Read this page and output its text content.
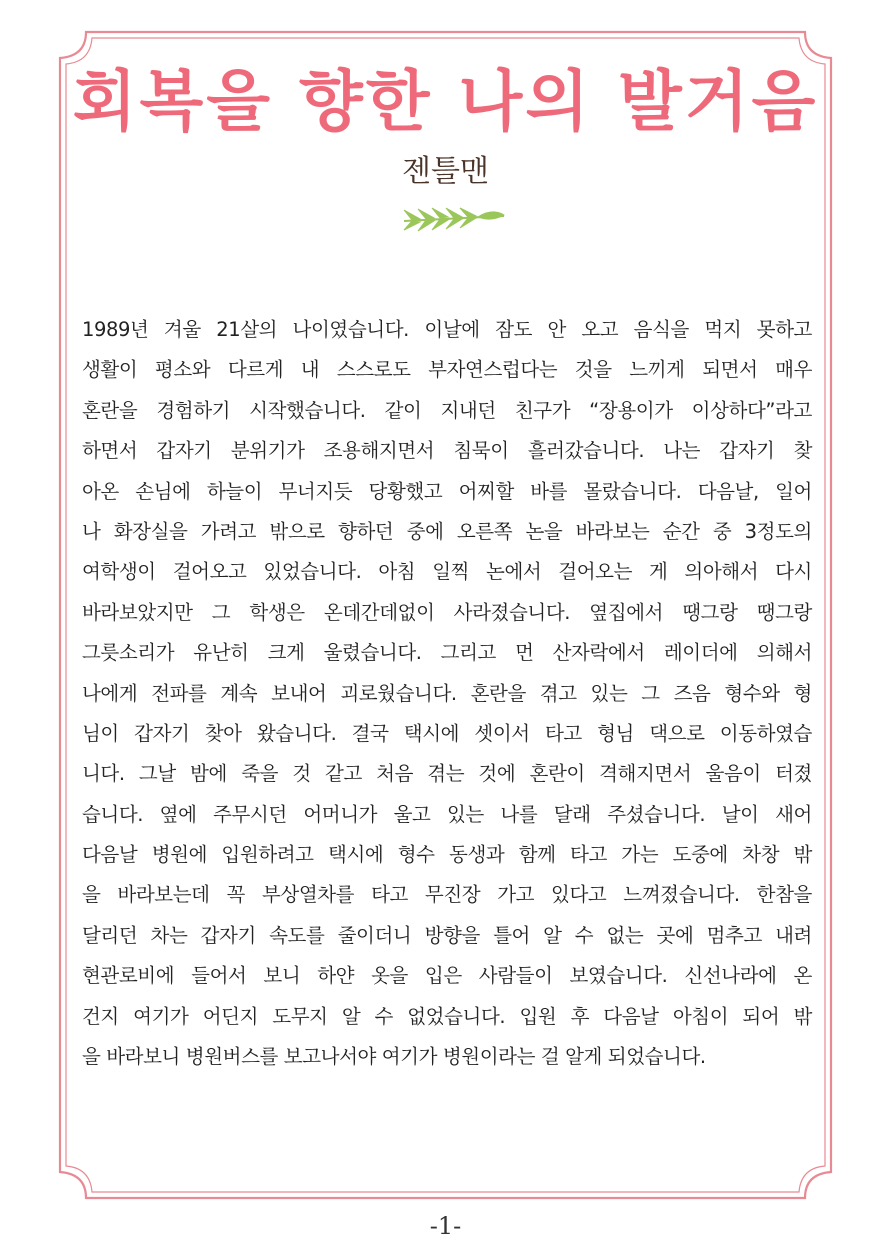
회복을 향한 나의 발거음
젠틀맨
1989년 겨울 21살의 나이였습니다. 이날에 잠도 안 오고 음식을 먹지 못하고
생활이 평소와 다르게 내 스스로도 부자연스럽다는 것을 느끼게 되면서 매우
혼란을 경험하기 시작했습니다. 같이 지내던 친구가 “장용이가 이상하다”라고
하면서 갑자기 분위기가 조용해지면서 침묵이 흘러갔습니다. 나는 갑자기 찾
아온 손님에 하늘이 무너지듯 당황했고 어찌할 바를 몰랐습니다. 다음날, 일어
나 화장실을 가려고 밖으로 향하던 중에 오른쪽 논을 바라보는 순간 중 3정도의
여학생이 걸어오고 있었습니다. 아침 일찍 논에서 걸어오는 게 의아해서 다시
바라보았지만 그 학생은 온데간데없이 사라졌습니다. 옆집에서 땡그랑 땡그랑
그릇소리가 유난히 크게 울렸습니다. 그리고 먼 산자락에서 레이더에 의해서
나에게 전파를 계속 보내어 괴로웠습니다. 혼란을 겪고 있는 그 즈음 형수와 형
님이 갑자기 찾아 왔습니다. 결국 택시에 셋이서 타고 형님 댁으로 이동하였습
니다. 그날 밤에 죽을 것 같고 처음 겪는 것에 혼란이 격해지면서 울음이 터졌
습니다. 옆에 주무시던 어머니가 울고 있는 나를 달래 주셨습니다. 날이 새어
다음날 병원에 입원하려고 택시에 형수 동생과 함께 타고 가는 도중에 차창 밖
을 바라보는데 꼭 부상열차를 타고 무진장 가고 있다고 느껴졌습니다. 한참을
달리던 차는 갑자기 속도를 줄이더니 방향을 틀어 알 수 없는 곳에 멈추고 내려
현관로비에 들어서 보니 하얀 옷을 입은 사람들이 보였습니다. 신선나라에 온
건지 여기가 어딘지 도무지 알 수 없었습니다. 입원 후 다음날 아침이 되어 밖
을 바라보니 병원버스를 보고나서야 여기가 병원이라는 걸 알게 되었습니다.
-1-
